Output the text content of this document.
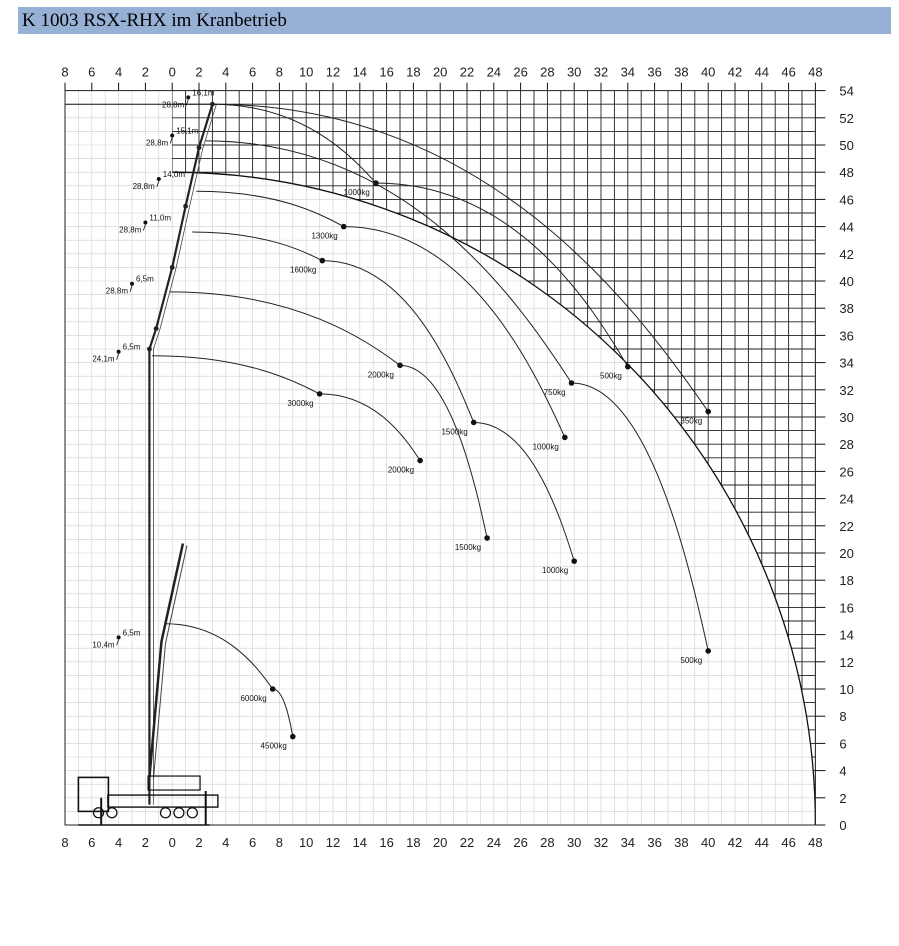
K 1003 RSX-RHX im Kranbetrieb
8
8
6
6
4
4
2
2
0
0
2
2
4
4
6
6
8
8
10
10
12
12
14
14
16
16
18
18
20
20
22
22
24
24
26
26
28
28
30
30
32
32
34
34
36
36
38
38
40
40
42
42
44
44
46
46
48
48
0
2
4
6
8
10
12
14
16
18
20
22
24
26
28
30
32
34
36
38
40
42
44
46
48
50
52
54
1000kg
500kg
350kg
750kg
500kg
1300kg
1000kg
1600kg
1500kg
1000kg
2000kg
1500kg
3000kg
2000kg
6000kg
4500kg
16,1m
28,8m
15,1m
28,8m
14,0m
28,8m
11,0m
28,8m
6,5m
28,8m
6,5m
24,1m
6,5m
10,4m
